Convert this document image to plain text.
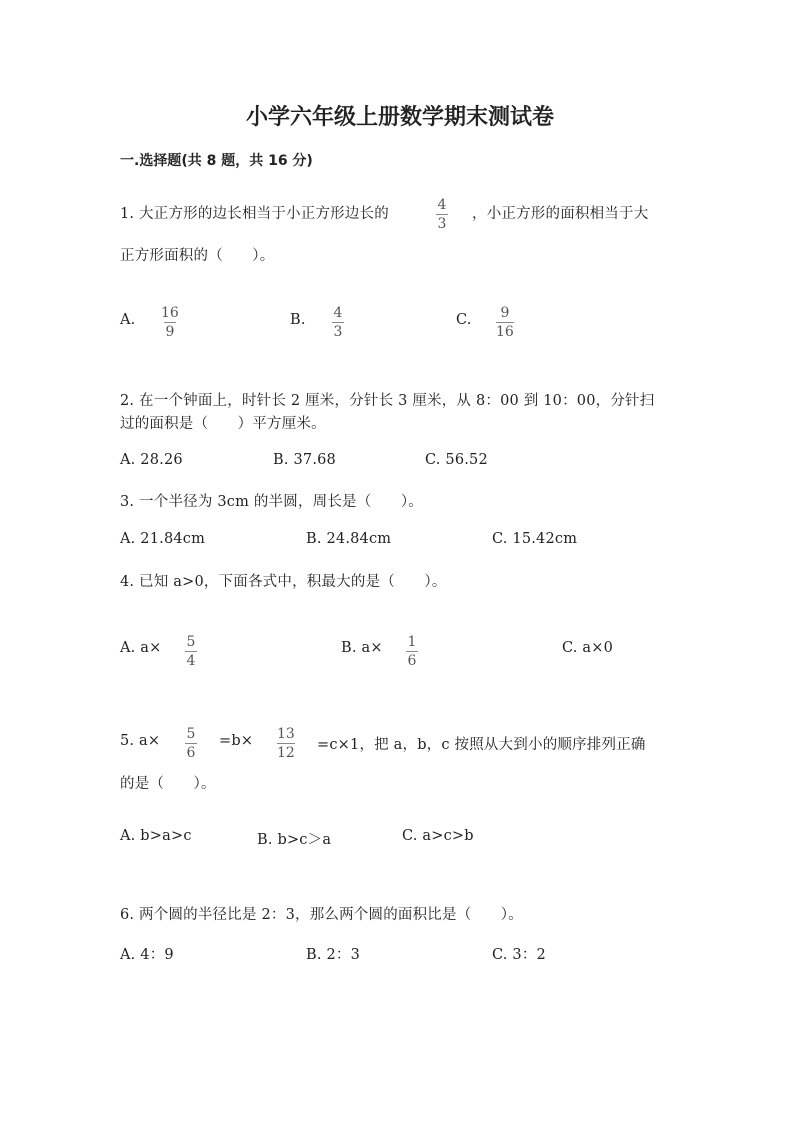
小学六年级上册数学期末测试卷
一.选择题(共 8 题，共 16 分)
1. 大正方形的边长相当于小正方形边长的	$\frac{4}{3}$ ，小正方形的面积相当于大
正方形面积的（　　）。
A. $\frac{16}{9}$	B. $\frac{4}{3}$	C. $\frac{9}{16}$
2. 在一个钟面上，时针长 2 厘米，分针长 3 厘米，从 8：00 到 10：00，分针扫
过的面积是（　　）平方厘米。
A. 28.26	B. 37.68	C. 56.52
3. 一个半径为 3cm 的半圆，周长是（　　）。
A. 21.84cm	B. 24.84cm	C. 15.42cm
4. 已知 a>0，下面各式中，积最大的是（　　）。
A. $a\times \frac{5}{4}$	B. $a\times \frac{1}{6}$	C. a×0
5. $a\times \frac{5}{6} =b\times \frac{13}{12} =c\times 1$，把 a，b，c 按照从大到小的顺序排列正确
的是（　　）。
A. b>a>c	B. b>c＞a	C. a>c>b
6. 两个圆的半径比是 2：3，那么两个圆的面积比是（　　）。
A. 4：9	B. 2：3	C. 3：2
